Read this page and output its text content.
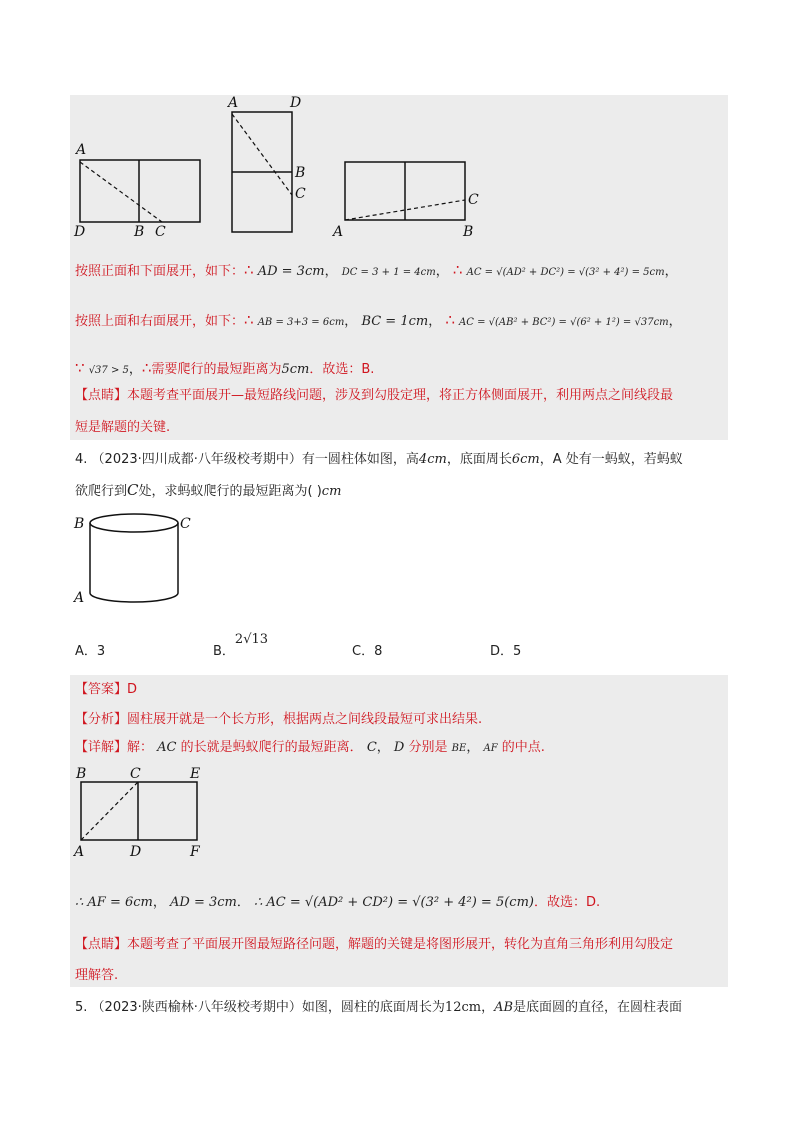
A
D	B C
A	D
B
C	C
A	B
按照正面和下面展开，如下：∴ AD = 3cm， DC = 3 + 1 = 4cm， ∴ AC = √(AD² + DC²) = √(3² + 4²) = 5cm，
按照上面和右面展开，如下：∴ AB = 3+3 = 6cm， BC = 1cm， ∴ AC = √(AB² + BC²) = √(6² + 1²) = √37cm，
∵ √37 > 5，∴需要爬行的最短距离为5cm．故选：B.
【点睛】本题考查平面展开—最短路线问题，涉及到勾股定理，将正方体侧面展开，利用两点之间线段最
短是解题的关键.
4. （2023·四川成都·八年级校考期中）有一圆柱体如图，高4cm，底面周长6cm，A 处有一蚂蚁，若蚂蚁
欲爬行到C处，求蚂蚁爬行的最短距离为( )cm
B	C
A
A．3	B．2√13
C．8	D．5
【答案】D
【分析】圆柱展开就是一个长方形，根据两点之间线段最短可求出结果.
【详解】解： AC 的长就是蚂蚁爬行的最短距离． C， D 分别是 BE， AF 的中点.
B	C	E
A	D	F
∴ AF = 6cm， AD = 3cm． ∴ AC = √(AD² + CD²) = √(3² + 4²) = 5(cm)．故选：D.
【点睛】本题考查了平面展开图最短路径问题，解题的关键是将图形展开，转化为直角三角形利用勾股定
理解答.
5. （2023·陕西榆林·八年级校考期中）如图，圆柱的底面周长为12cm，AB是底面圆的直径，在圆柱表面
